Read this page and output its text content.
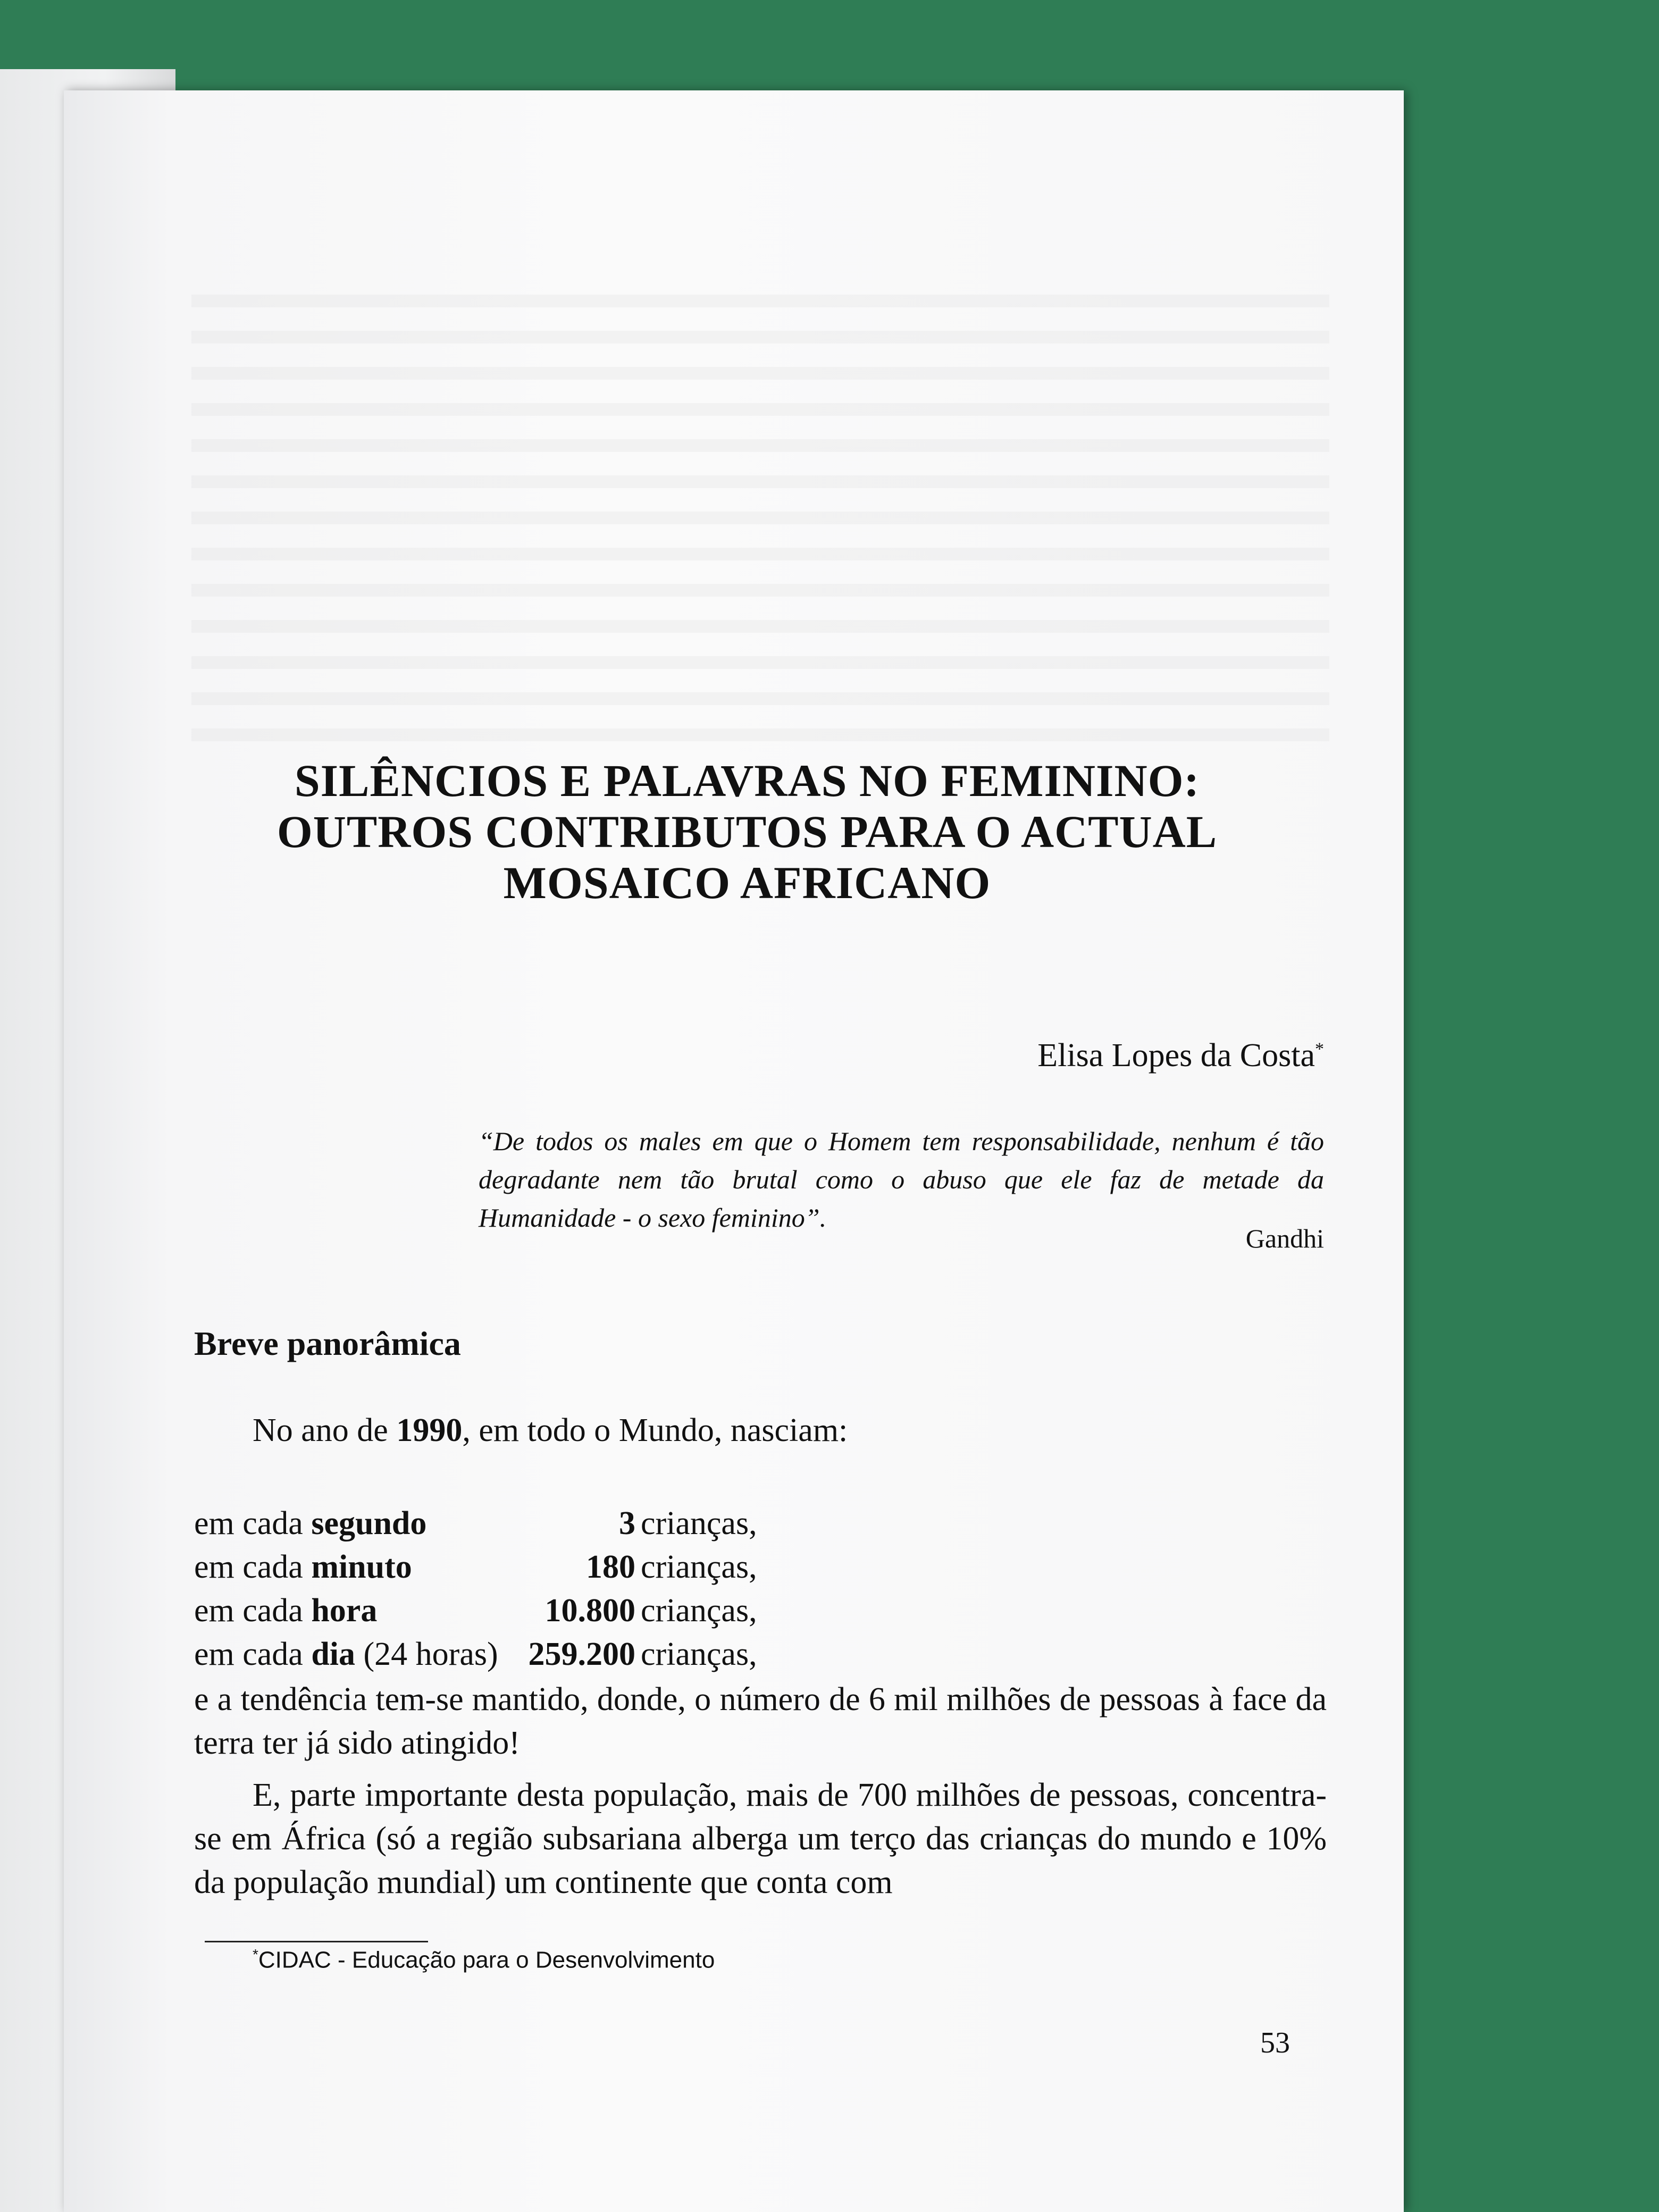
SILÊNCIOS E PALAVRAS NO FEMININO:
OUTROS CONTRIBUTOS PARA O ACTUAL
MOSAICO AFRICANO
Elisa Lopes da Costa*
“De todos os males em que o Homem tem responsabilidade, nenhum é tão degradante nem tão brutal como o abuso que ele faz de metade da Humanidade - o sexo feminino”.
Gandhi
Breve panorâmica
No ano de 1990, em todo o Mundo, nasciam:
em cada segundo	3 crianças,
em cada minuto	180 crianças,
em cada hora	10.800 crianças,
em cada dia (24 horas) 259.200 crianças,
e a tendência tem-se mantido, donde, o número de 6 mil milhões de pessoas à face da terra ter já sido atingido!
E, parte importante desta população, mais de 700 milhões de pessoas, concentra-se em África (só a região subsariana alberga um terço das crianças do mundo e 10% da população mundial) um continente que conta com
*CIDAC - Educação para o Desenvolvimento
53
